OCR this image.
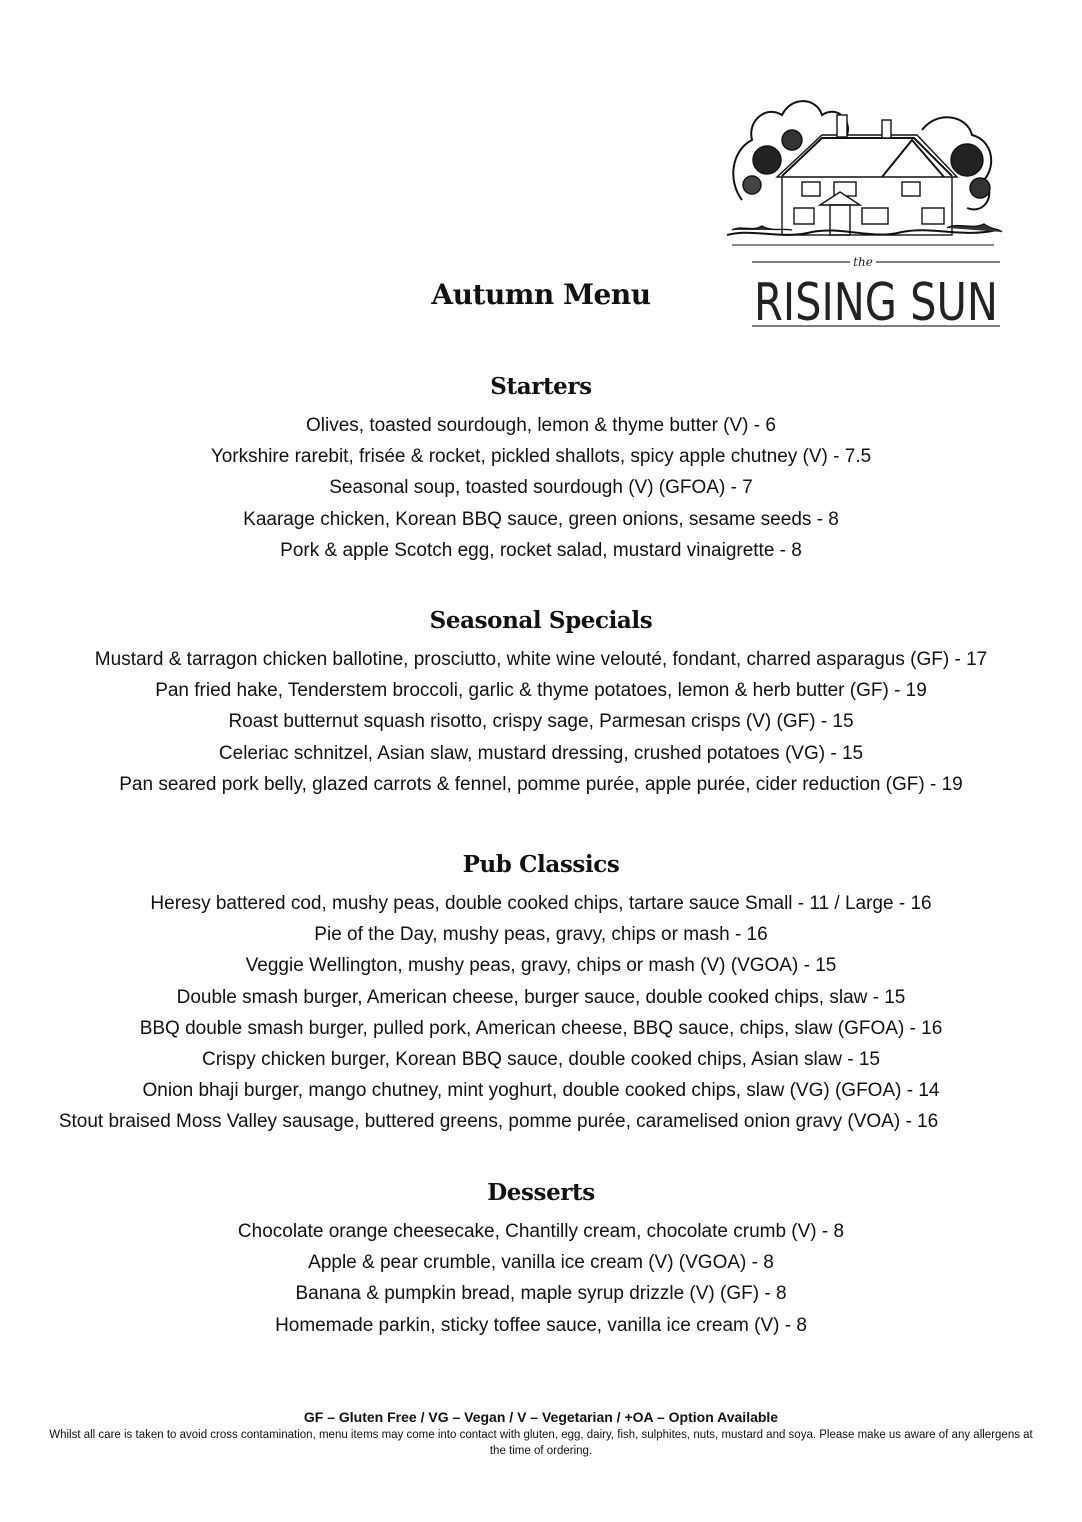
the
RISING SUN
Autumn Menu
Starters
Olives, toasted sourdough, lemon & thyme butter (V) - 6
Yorkshire rarebit, frisée & rocket, pickled shallots, spicy apple chutney (V) - 7.5
Seasonal soup, toasted sourdough (V) (GFOA) - 7
Kaarage chicken, Korean BBQ sauce, green onions, sesame seeds - 8
Pork & apple Scotch egg, rocket salad, mustard vinaigrette - 8
Seasonal Specials
Mustard & tarragon chicken ballotine, prosciutto, white wine velouté, fondant, charred asparagus (GF) - 17
Pan fried hake, Tenderstem broccoli, garlic & thyme potatoes, lemon & herb butter (GF) - 19
Roast butternut squash risotto, crispy sage, Parmesan crisps (V) (GF) - 15
Celeriac schnitzel, Asian slaw, mustard dressing, crushed potatoes (VG) - 15
Pan seared pork belly, glazed carrots & fennel, pomme purée, apple purée, cider reduction (GF) - 19
Pub Classics
Heresy battered cod, mushy peas, double cooked chips, tartare sauce Small - 11 / Large - 16
Pie of the Day, mushy peas, gravy, chips or mash - 16
Veggie Wellington, mushy peas, gravy, chips or mash (V) (VGOA) - 15
Double smash burger, American cheese, burger sauce, double cooked chips, slaw - 15
BBQ double smash burger, pulled pork, American cheese, BBQ sauce, chips, slaw (GFOA) - 16
Crispy chicken burger, Korean BBQ sauce, double cooked chips, Asian slaw - 15
Onion bhaji burger, mango chutney, mint yoghurt, double cooked chips, slaw (VG) (GFOA) - 14
Stout braised Moss Valley sausage, buttered greens, pomme purée, caramelised onion gravy (VOA) - 16
Desserts
Chocolate orange cheesecake, Chantilly cream, chocolate crumb (V) - 8
Apple & pear crumble, vanilla ice cream (V) (VGOA) - 8
Banana & pumpkin bread, maple syrup drizzle (V) (GF) - 8
Homemade parkin, sticky toffee sauce, vanilla ice cream (V) - 8
GF – Gluten Free / VG – Vegan / V – Vegetarian / +OA – Option Available
Whilst all care is taken to avoid cross contamination, menu items may come into contact with gluten, egg, dairy, fish, sulphites, nuts, mustard and soya. Please make us aware of any allergens at the time of ordering.
